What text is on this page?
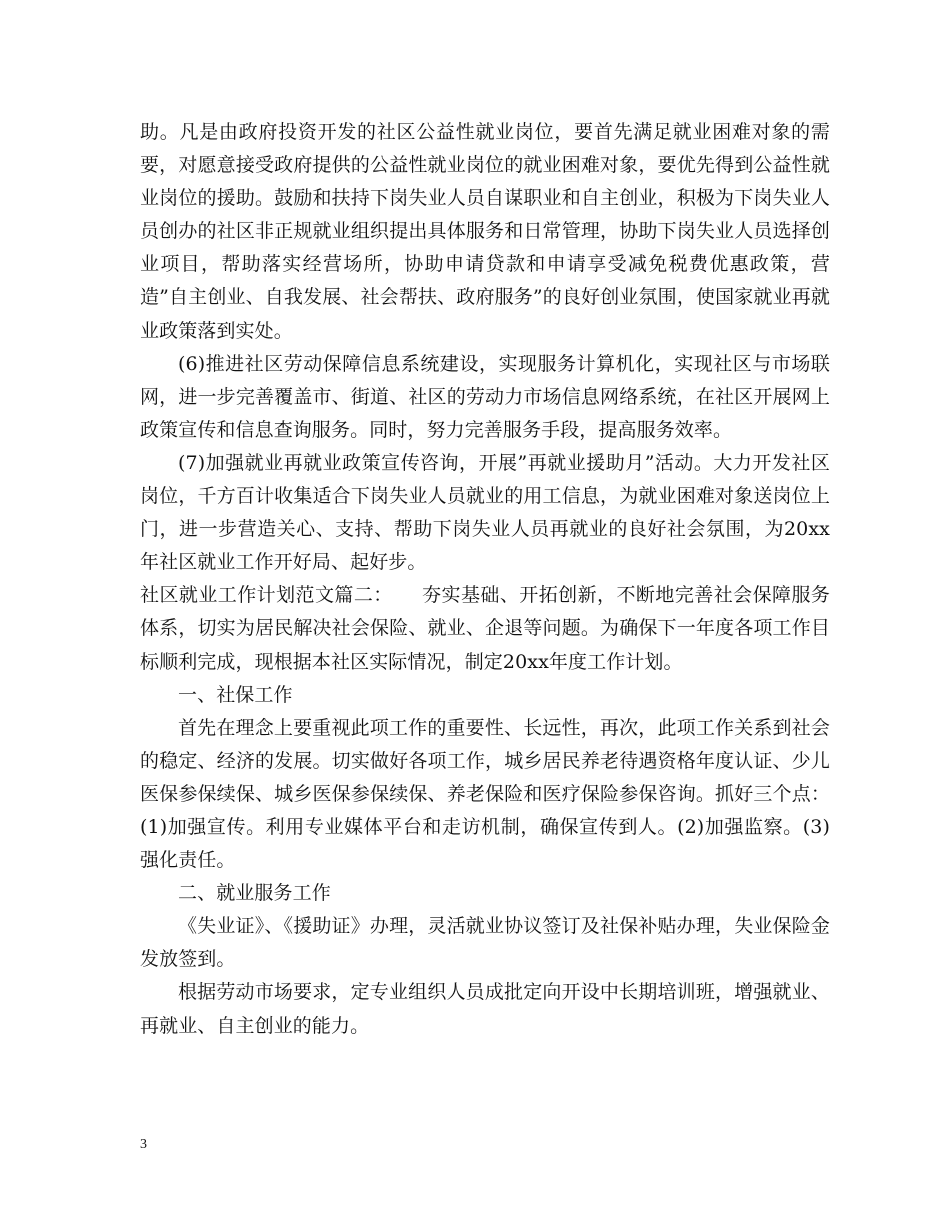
助。凡是由政府投资开发的社区公益性就业岗位，要首先满足就业困难对象的需要，对愿意接受政府提供的公益性就业岗位的就业困难对象，要优先得到公益性就业岗位的援助。鼓励和扶持下岗失业人员自谋职业和自主创业，积极为下岗失业人员创办的社区非正规就业组织提出具体服务和日常管理，协助下岗失业人员选择创业项目，帮助落实经营场所，协助申请贷款和申请享受减免税费优惠政策，营造”自主创业、自我发展、社会帮扶、政府服务”的良好创业氛围，使国家就业再就业政策落到实处。

(6)推进社区劳动保障信息系统建设，实现服务计算机化，实现社区与市场联网，进一步完善覆盖市、街道、社区的劳动力市场信息网络系统，在社区开展网上政策宣传和信息查询服务。同时，努力完善服务手段，提高服务效率。

(7)加强就业再就业政策宣传咨询，开展”再就业援助月”活动。大力开发社区岗位，千方百计收集适合下岗失业人员就业的用工信息，为就业困难对象送岗位上门，进一步营造关心、支持、帮助下岗失业人员再就业的良好社会氛围，为20xx年社区就业工作开好局、起好步。

社区就业工作计划范文篇二：　　夯实基础、开拓创新，不断地完善社会保障服务体系，切实为居民解决社会保险、就业、企退等问题。为确保下一年度各项工作目标顺利完成，现根据本社区实际情况，制定20xx年度工作计划。

一、社保工作

首先在理念上要重视此项工作的重要性、长远性，再次，此项工作关系到社会的稳定、经济的发展。切实做好各项工作，城乡居民养老待遇资格年度认证、少儿医保参保续保、城乡医保参保续保、养老保险和医疗保险参保咨询。抓好三个点：(1)加强宣传。利用专业媒体平台和走访机制，确保宣传到人。(2)加强监察。(3)强化责任。

二、就业服务工作

《失业证》、《援助证》办理，灵活就业协议签订及社保补贴办理，失业保险金发放签到。

根据劳动市场要求，定专业组织人员成批定向开设中长期培训班，增强就业、再就业、自主创业的能力。

3
